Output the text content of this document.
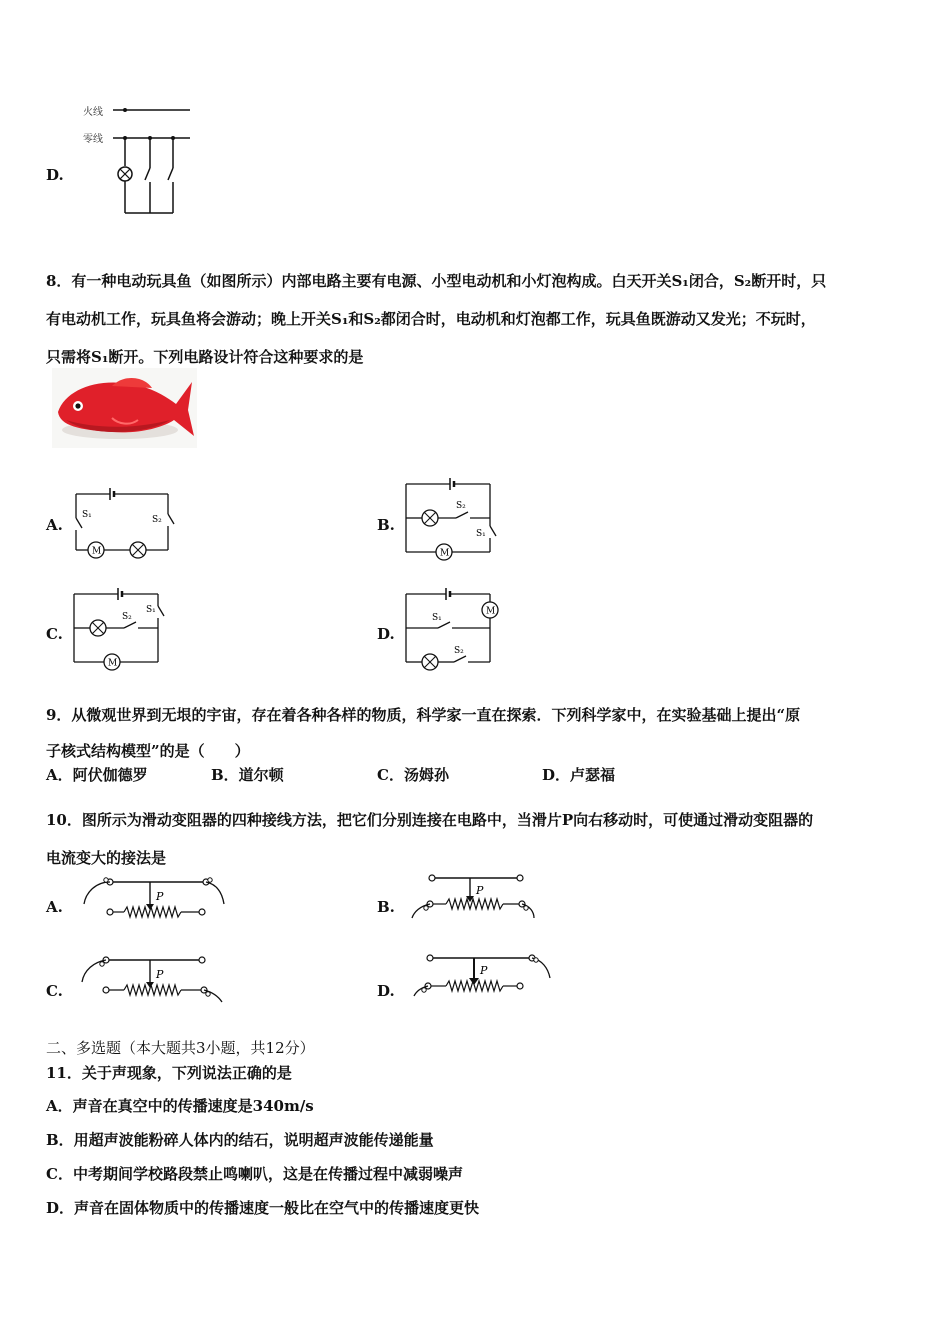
D.
火线
零线
8．有一种电动玩具鱼（如图所示）内部电路主要有电源、小型电动机和小灯泡构成。白天开关S₁闭合，S₂断开时，只
有电动机工作，玩具鱼将会游动；晚上开关S₁和S₂都闭合时，电动机和灯泡都工作，玩具鱼既游动又发光；不玩时，
只需将S₁断开。下列电路设计符合这种要求的是
A.	B.
C.	D.
S₁	S₂
M
S₁
S₂
M
S₁
S₂
M
M
S₁
S₂
9．从微观世界到无垠的宇宙，存在着各种各样的物质，科学家一直在探索．下列科学家中，在实验基础上提出“原
子核式结构模型”的是（　　）
A．阿伏伽德罗	B．道尔顿	C．汤姆孙	D．卢瑟福
10．图所示为滑动变阻器的四种接线方法，把它们分别连接在电路中，当滑片P向右移动时，可使通过滑动变阻器的
电流变大的接法是
A.	B.
C.	D.
P	P
P	P
二、多选题（本大题共3小题，共12分）
11．关于声现象，下列说法正确的是
A．声音在真空中的传播速度是340m/s
B．用超声波能粉碎人体内的结石，说明超声波能传递能量
C．中考期间学校路段禁止鸣喇叭，这是在传播过程中减弱噪声
D．声音在固体物质中的传播速度一般比在空气中的传播速度更快
